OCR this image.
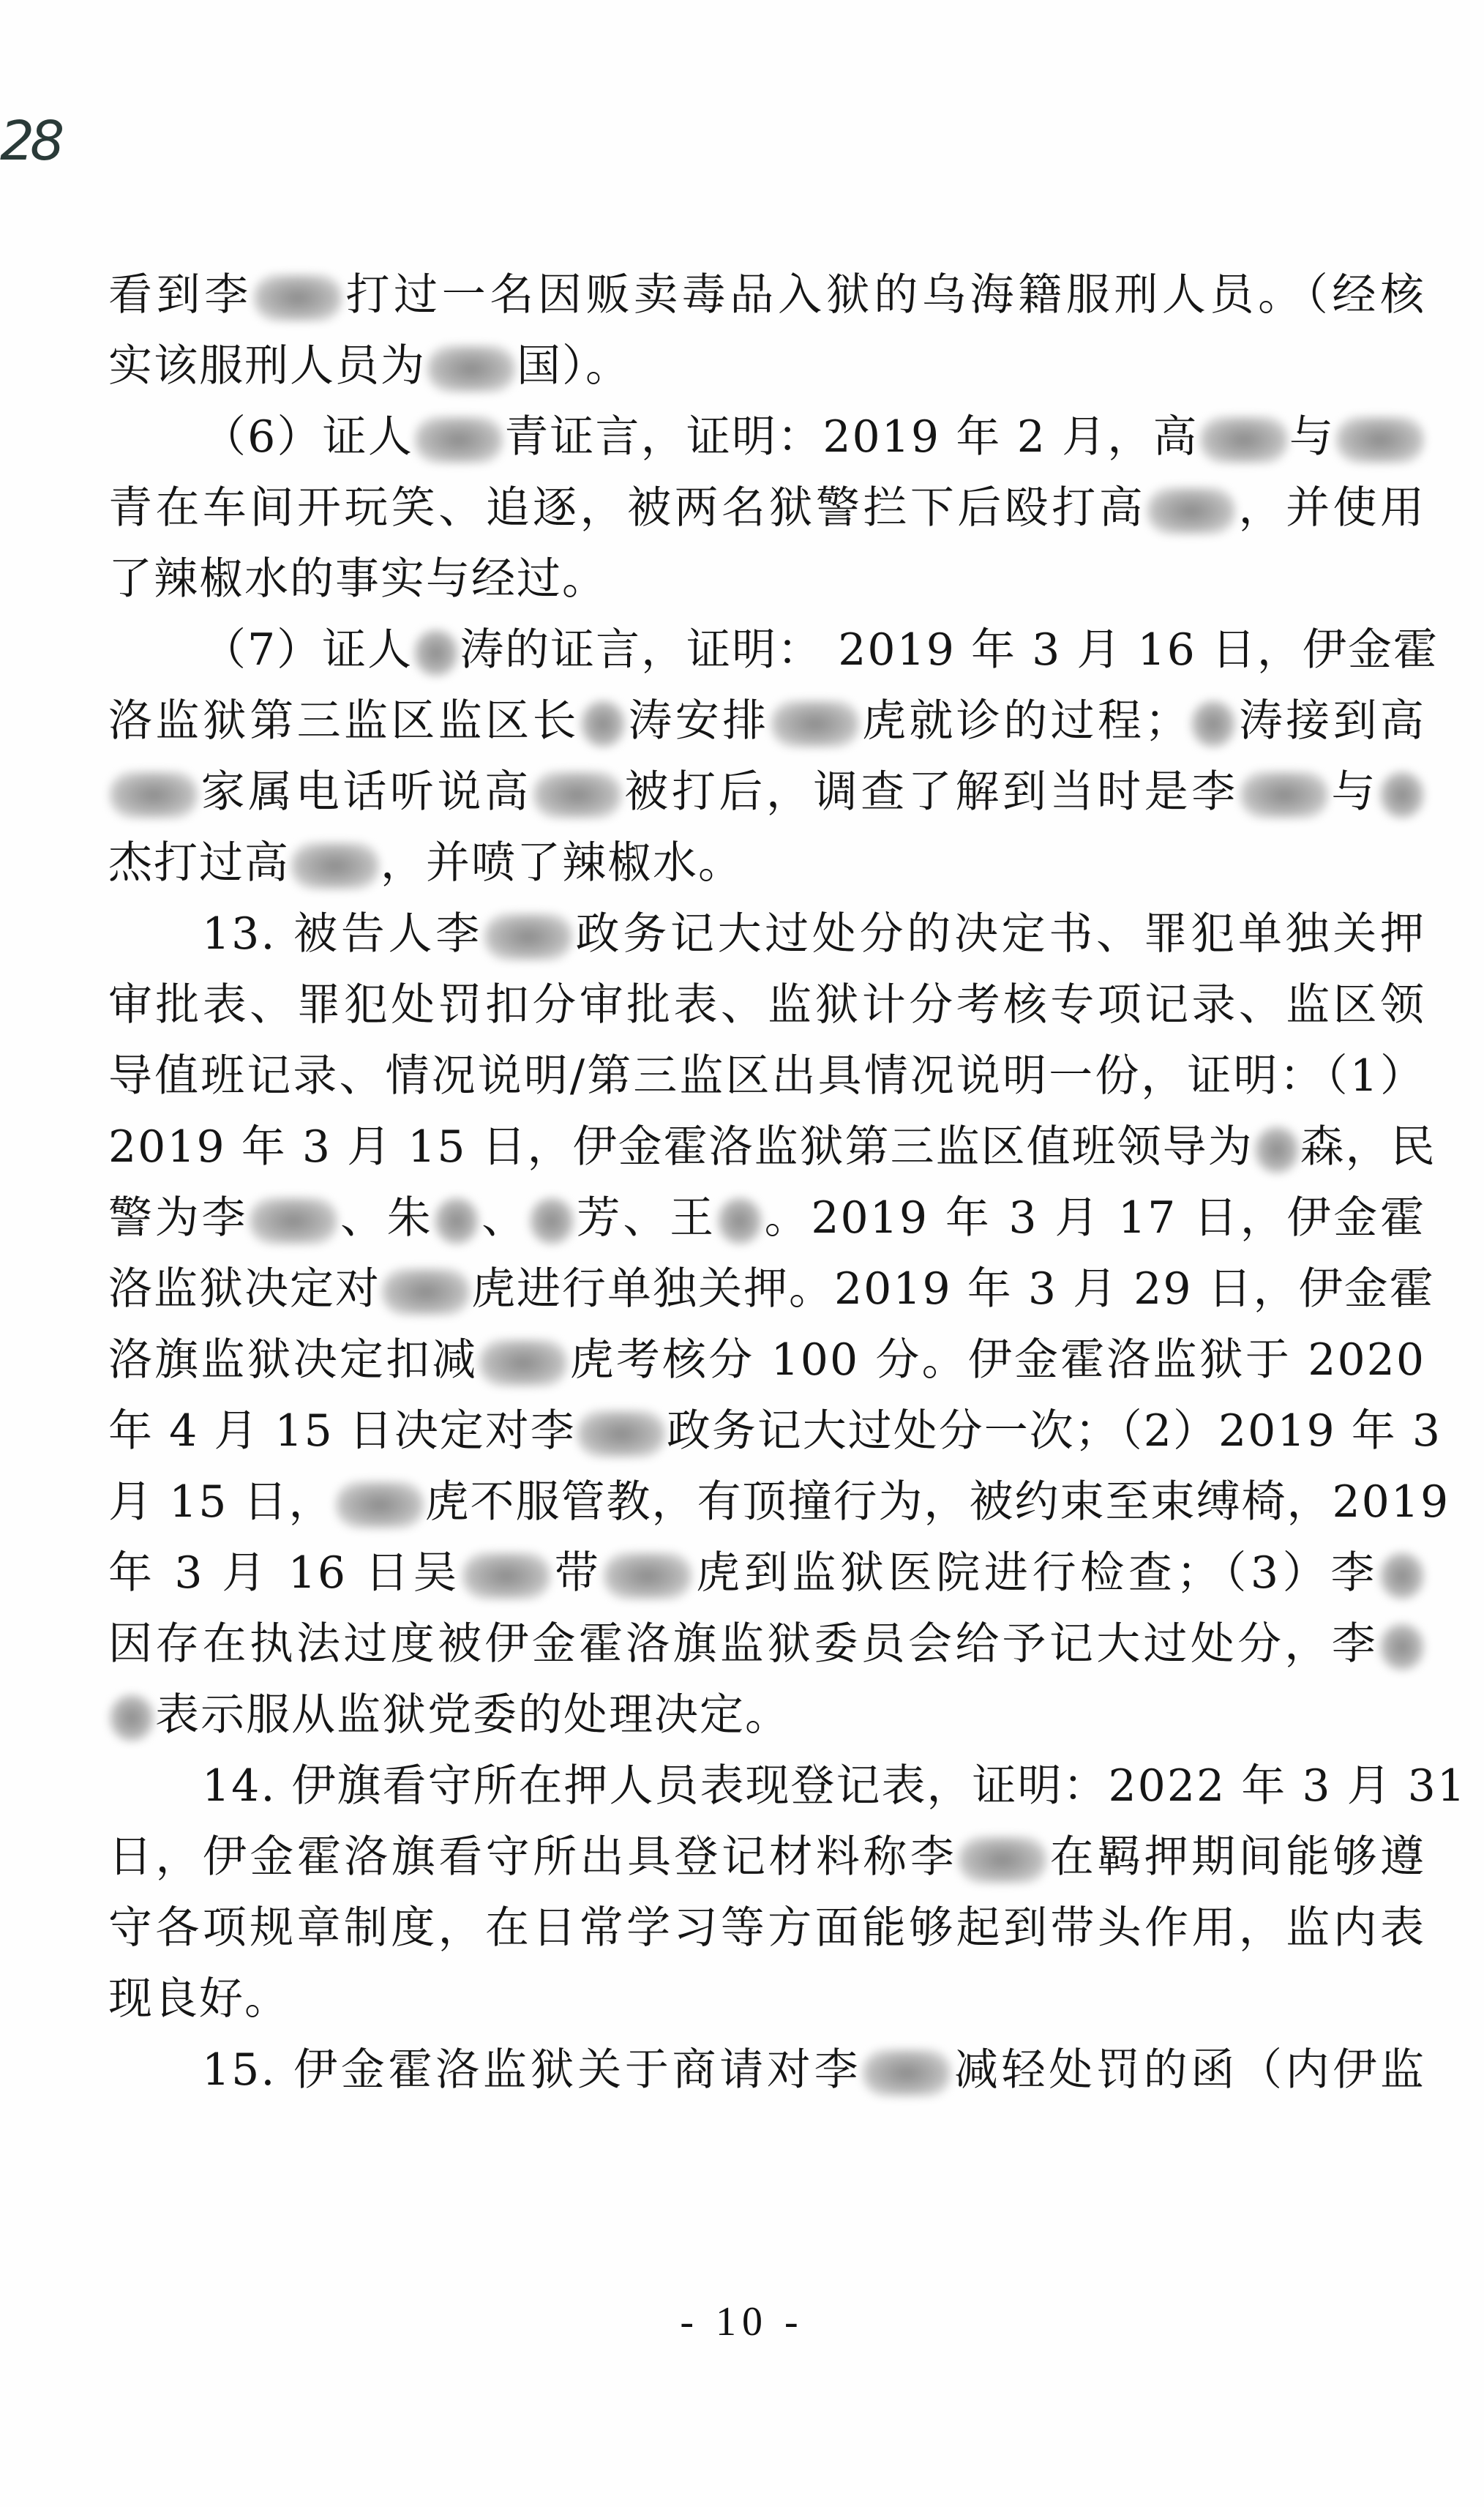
28
看到李 打过一名因贩卖毒品入狱的乌海籍服刑人员。（经核
实该服刑人员为 国）。
（6）证人 青证言，证明：2019 年 2 月，高 与
青在车间开玩笑、追逐，被两名狱警拦下后殴打高 ，并使用
了辣椒水的事实与经过。
（7）证人 涛的证言，证明： 2019 年 3 月 16 日，伊金霍
洛监狱第三监区监区长 涛安排 虎就诊的过程； 涛接到高
家属电话听说高 被打后，调查了解到当时是李 与
杰打过高 ，并喷了辣椒水。
13. 被告人李 政务记大过处分的决定书、罪犯单独关押
审批表、罪犯处罚扣分审批表、监狱计分考核专项记录、监区领
导值班记录、情况说明/第三监区出具情况说明一份，证明：（1）
2019 年 3 月 15 日，伊金霍洛监狱第三监区值班领导为 森，民
警为李 、朱 、 芳、王 。2019 年 3 月 17 日，伊金霍
洛监狱决定对 虎进行单独关押。2019 年 3 月 29 日，伊金霍
洛旗监狱决定扣减 虎考核分 100 分。伊金霍洛监狱于 2020
年 4 月 15 日决定对李 政务记大过处分一次；（2）2019 年 3
月 15 日， 虎不服管教，有顶撞行为，被约束至束缚椅，2019
年 3 月 16 日吴 带 虎到监狱医院进行检查；（3）李
因存在执法过度被伊金霍洛旗监狱委员会给予记大过处分，李
表示服从监狱党委的处理决定。
14. 伊旗看守所在押人员表现登记表，证明：2022 年 3 月 31
日，伊金霍洛旗看守所出具登记材料称李 在羁押期间能够遵
守各项规章制度，在日常学习等方面能够起到带头作用，监内表
现良好。
15. 伊金霍洛监狱关于商请对李 减轻处罚的函（内伊监
- 10 -
